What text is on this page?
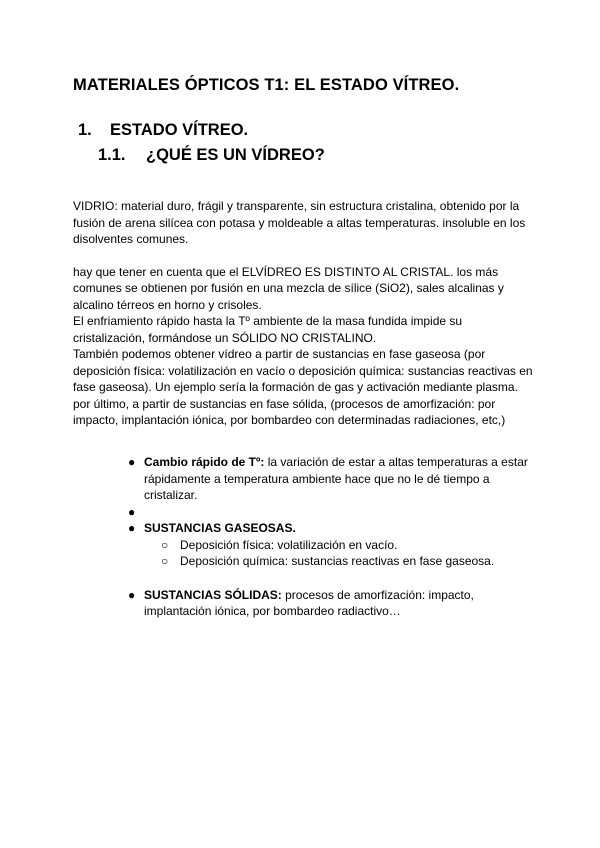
MATERIALES ÓPTICOS T1: EL ESTADO VÍTREO.
1. ESTADO VÍTREO.
1.1. ¿QUÉ ES UN VÍDREO?

VIDRIO: material duro, frágil y transparente, sin estructura cristalina, obtenido por la fusión de arena silícea con potasa y moldeable a altas temperaturas. insoluble en los disolventes comunes.

hay que tener en cuenta que el ELVÍDREO ES DISTINTO AL CRISTAL. los más comunes se obtienen por fusión en una mezcla de sílice (SiO2), sales alcalinas y alcalino térreos en horno y crisoles.

El enfriamiento rápido hasta la Tº ambiente de la masa fundida impide su cristalización, formándose un SÓLIDO NO CRISTALINO.

También podemos obtener vídreo a partir de sustancias en fase gaseosa (por deposición física: volatilización en vacío o deposición química: sustancias reactivas en fase gaseosa). Un ejemplo sería la formación de gas y activación mediante plasma.

por último, a partir de sustancias en fase sólida, (procesos de amorfización: por impacto, implantación iónica, por bombardeo con determinadas radiaciones, etc,)

● Cambio rápido de Tº: la variación de estar a altas temperaturas a estar rápidamente a temperatura ambiente hace que no le dé tiempo a cristalizar.
●

● SUSTANCIAS GASEOSAS.
○ Deposición física: volatilización en vacío.
○ Deposición química: sustancias reactivas en fase gaseosa.
● SUSTANCIAS SÓLIDAS: procesos de amorfización: impacto, implantación iónica, por bombardeo radiactivo…
